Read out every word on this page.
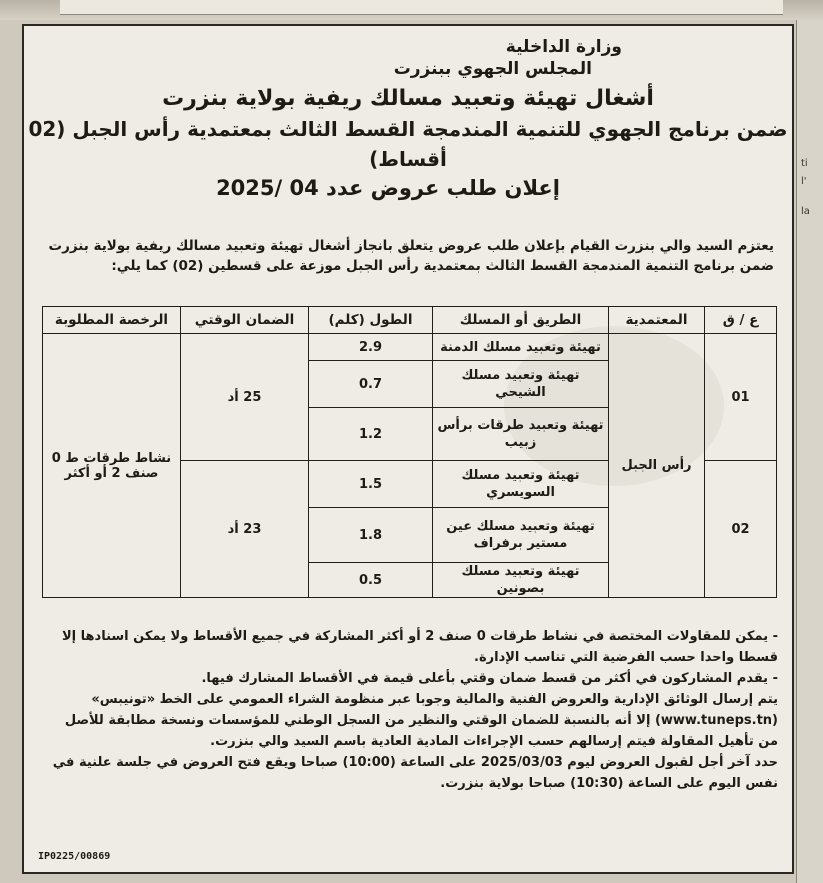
ti
l'
la
وزارة الداخلية
المجلس الجهوي ببنزرت
أشغال تهيئة وتعبيد مسالك ريفية بولاية بنزرت
ضمن برنامج الجهوي للتنمية المندمجة القسط الثالث بمعتمدية رأس الجبل (02 أقساط)
إعلان طلب عروض عدد 04 /2025
يعتزم السيد والي بنزرت القيام بإعلان طلب عروض يتعلق بانجاز أشغال تهيئة وتعبيد مسالك ريفية بولاية بنزرت ضمن برنامج التنمية المندمجة القسط الثالث بمعتمدية رأس الجبل موزعة على قسطين (02) كما يلي:
ع / ق	المعتمدية	الطريق أو المسلك	الطول (كلم)	الضمان الوقتي	الرخصة المطلوبة
01	رأس الجبل	تهيئة وتعبيد مسلك الدمنة	2.9	25 أد	نشاط طرقات ط 0 صنف 2 أو أكثر
		تهيئة وتعبيد مسلك الشيحي	0.7		
		تهيئة وتعبيد طرقات برأس زبيب	1.2		
02		تهيئة وتعبيد مسلك السويسري	1.5	23 أد	
		تهيئة وتعبيد مسلك عين مستير برفراف	1.8		
		تهيئة وتعبيد مسلك بصونين	0.5		

- يمكن للمقاولات المختصة في نشاط طرقات 0 صنف 2 أو أكثر المشاركة في جميع الأقساط ولا يمكن اسنادها إلا قسطا واحدا حسب الفرضية التي تناسب الإدارة.

- يقدم المشاركون في أكثر من قسط ضمان وقتي بأعلى قيمة في الأقساط المشارك فيها.

يتم إرسال الوثائق الإدارية والعروض الفنية والمالية وجوبا عبر منظومة الشراء العمومي على الخط «تونيبس» (www.tuneps.tn) إلا أنه بالنسبة للضمان الوقتي والنظير من السجل الوطني للمؤسسات ونسخة مطابقة للأصل من تأهيل المقاولة فيتم إرسالهم حسب الإجراءات المادية العادية باسم السيد والي بنزرت.

حدد آخر أجل لقبول العروض ليوم 2025/03/03 على الساعة (10:00) صباحا ويقع فتح العروض في جلسة علنية في نفس اليوم على الساعة (10:30) صباحا بولاية بنزرت.

IP0225/00869
